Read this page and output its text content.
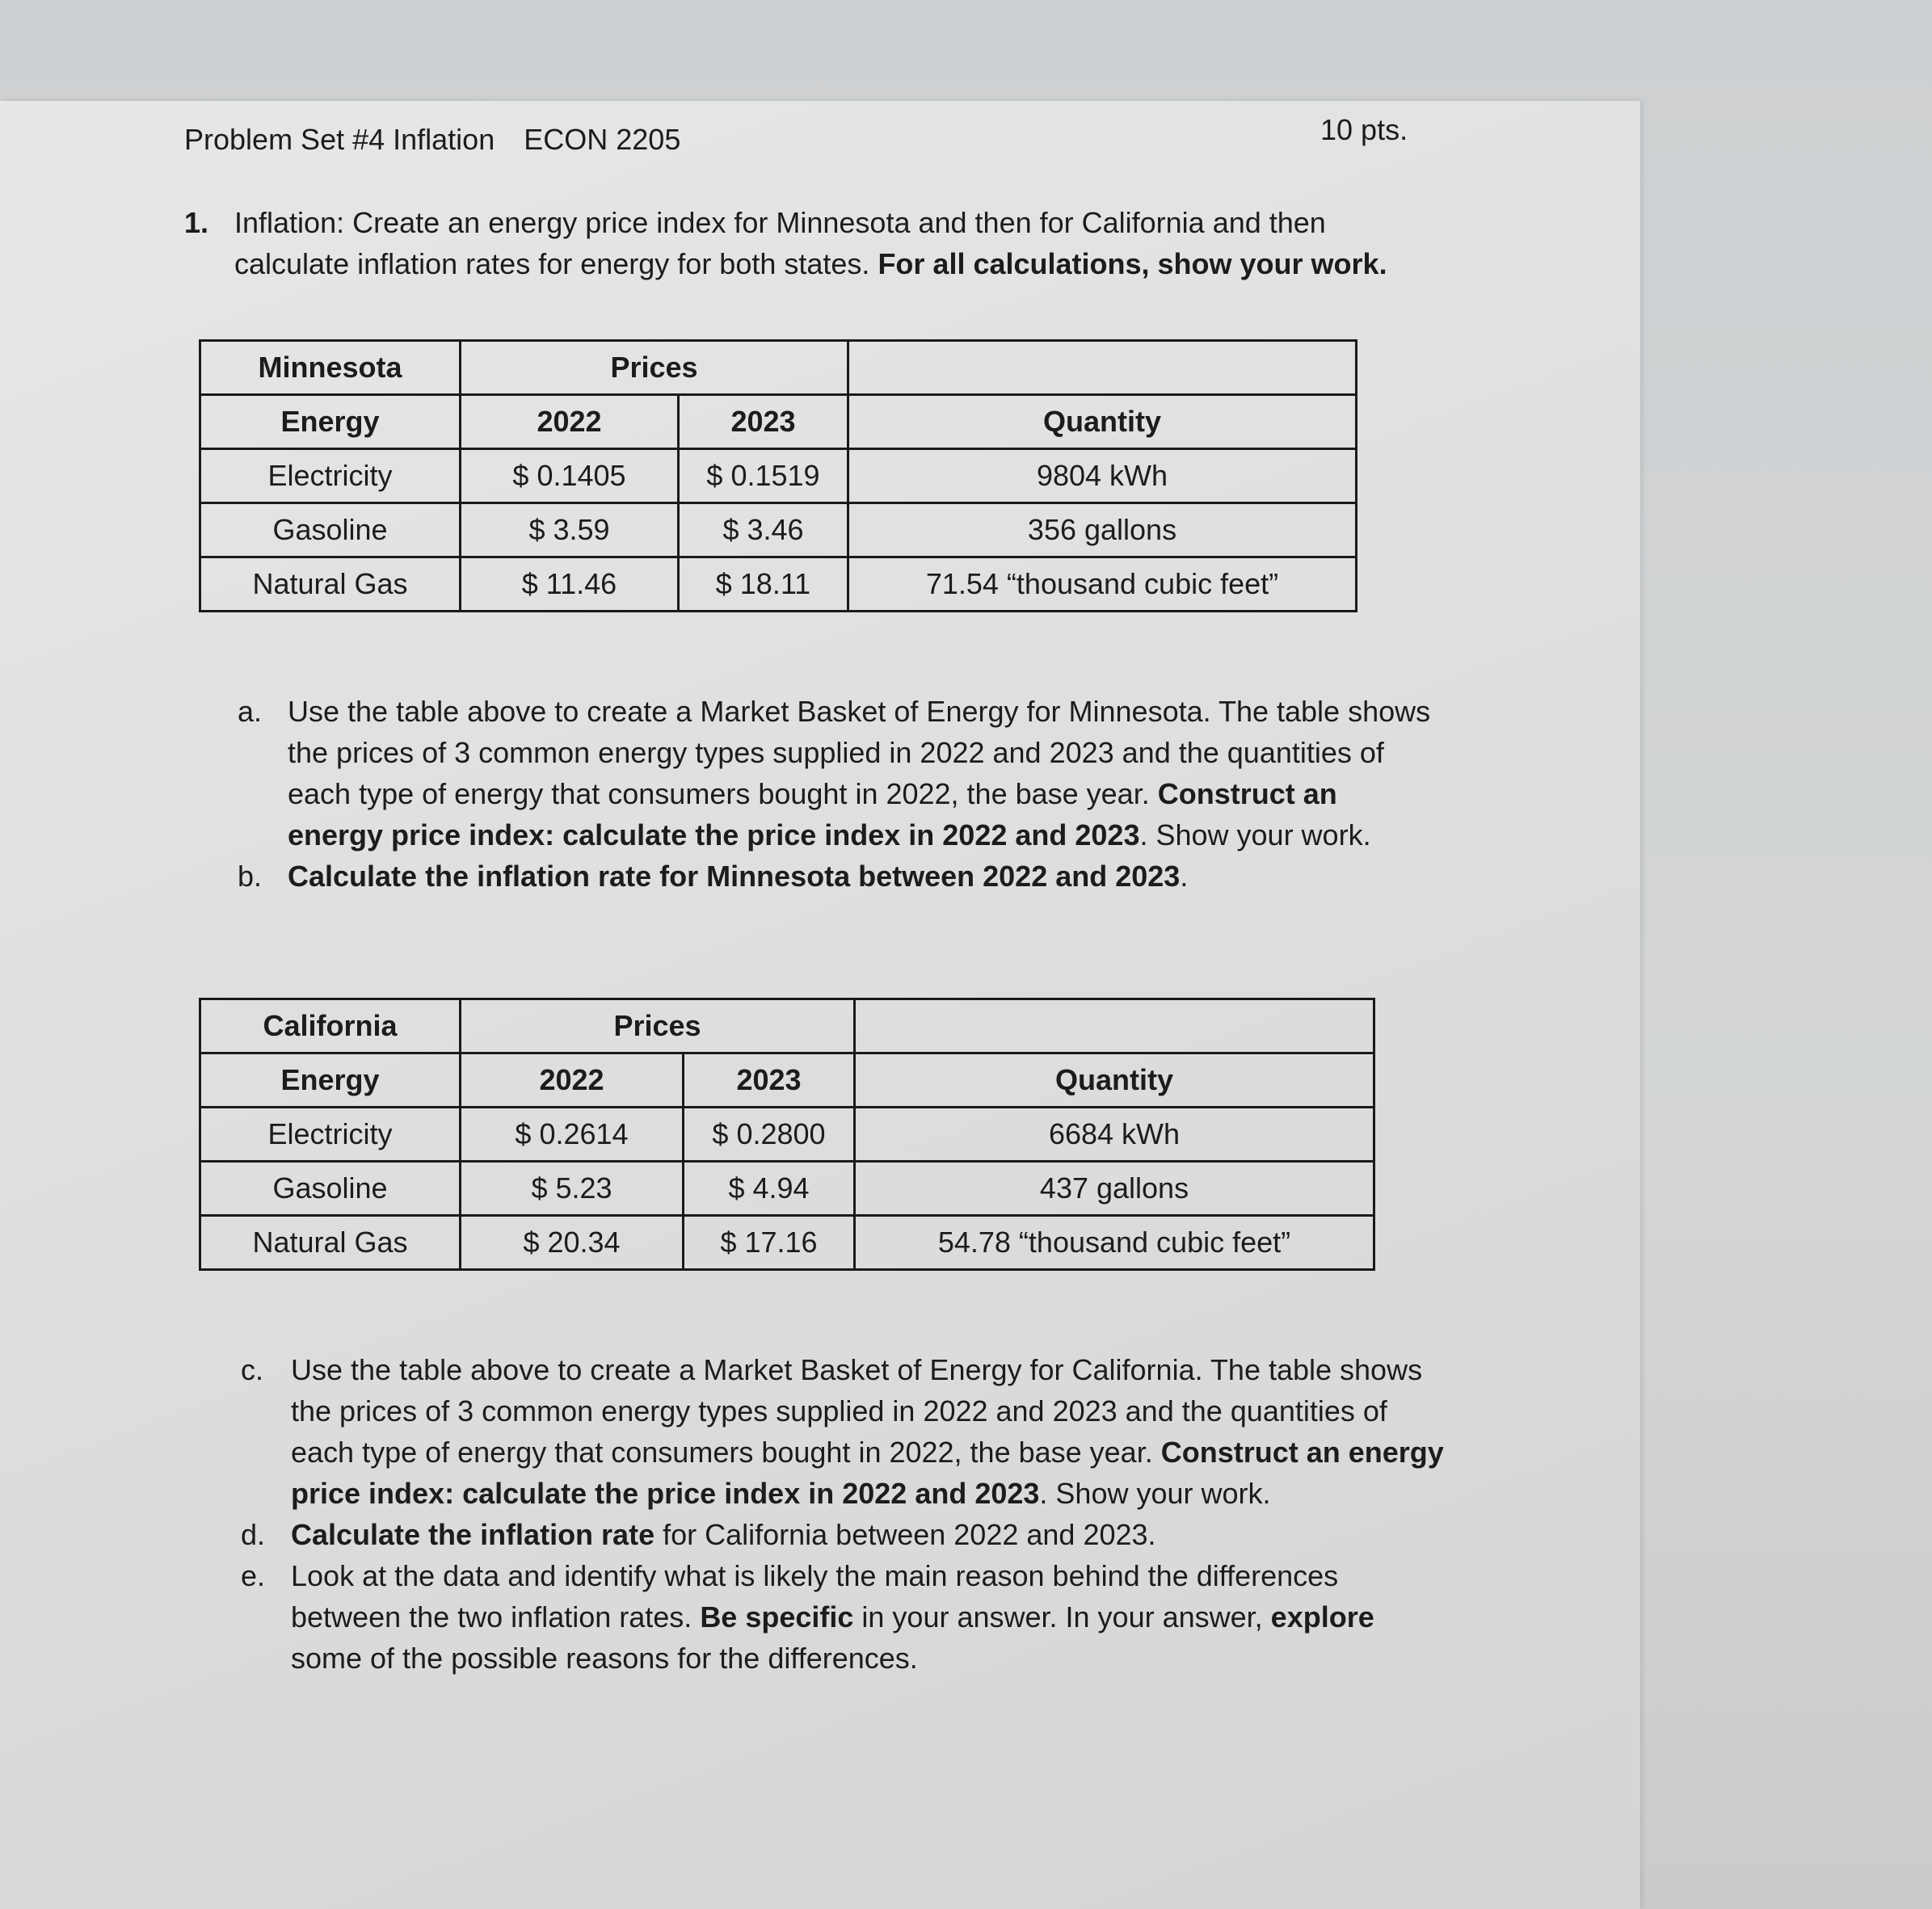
Problem Set #4 Inflation ECON 2205	10 pts.
1. Inflation: Create an energy price index for Minnesota and then for California and then calculate inflation rates for energy for both states. For all calculations, show your work.
Minnesota	Prices		
Energy	2022	2023	Quantity
Electricity	$ 0.1405	$ 0.1519	9804 kWh
Gasoline	$ 3.59	$ 3.46	356 gallons
Natural Gas	$ 11.46	$ 18.11	71.54 “thousand cubic feet”
a. Use the table above to create a Market Basket of Energy for Minnesota. The table shows the prices of 3 common energy types supplied in 2022 and 2023 and the quantities of each type of energy that consumers bought in 2022, the base year. Construct an energy price index: calculate the price index in 2022 and 2023. Show your work.
b. Calculate the inflation rate for Minnesota between 2022 and 2023.
California	Prices		
Energy	2022	2023	Quantity
Electricity	$ 0.2614	$ 0.2800	6684 kWh
Gasoline	$ 5.23	$ 4.94	437 gallons
Natural Gas	$ 20.34	$ 17.16	54.78 “thousand cubic feet”
c. Use the table above to create a Market Basket of Energy for California. The table shows the prices of 3 common energy types supplied in 2022 and 2023 and the quantities of each type of energy that consumers bought in 2022, the base year. Construct an energy price index: calculate the price index in 2022 and 2023. Show your work.
d. Calculate the inflation rate for California between 2022 and 2023.
e. Look at the data and identify what is likely the main reason behind the differences between the two inflation rates. Be specific in your answer. In your answer, explore some of the possible reasons for the differences.
